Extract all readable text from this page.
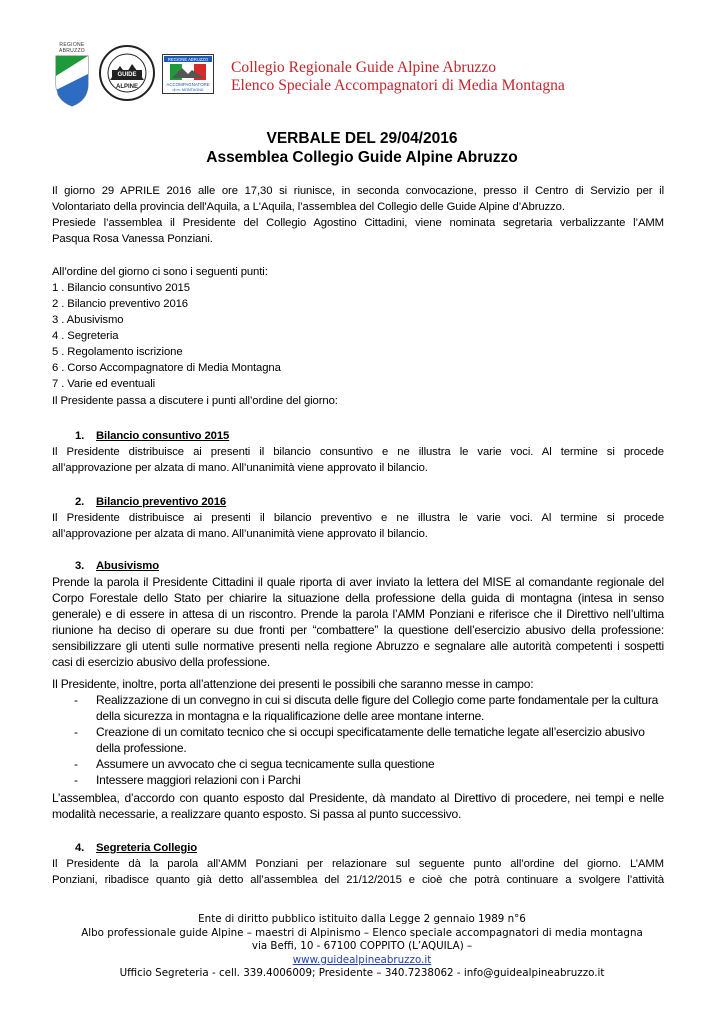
REGIONE ABRUZZO
GUIDE
ALPINE
REGIONE ABRUZZO
ACCOMPAGNATORE
di m. MONTAGNA
Collegio Regionale Guide Alpine Abruzzo
Elenco Speciale Accompagnatori di Media Montagna
VERBALE DEL 29/04/2016
Assemblea Collegio Guide Alpine Abruzzo

Il giorno 29 APRILE 2016 alle ore 17,30 si riunisce, in seconda convocazione, presso il Centro di Servizio per il

Volontariato della provincia dell'Aquila, a L'Aquila, l’assemblea del Collegio delle Guide Alpine d’Abruzzo.

Presiede l’assemblea il Presidente del Collegio Agostino Cittadini, viene nominata segretaria verbalizzante l’AMM

Pasqua Rosa Vanessa Ponziani.

All’ordine del giorno ci sono i seguenti punti:
1 . Bilancio consuntivo 2015
2 . Bilancio preventivo 2016
3 . Abusivismo
4 . Segreteria
5 . Regolamento iscrizione
6 . Corso Accompagnatore di Media Montagna
7 . Varie ed eventuali
Il Presidente passa a discutere i punti all’ordine del giorno:
1. Bilancio consuntivo 2015

Il Presidente distribuisce ai presenti il bilancio consuntivo e ne illustra le varie voci. Al termine si procede

all’approvazione per alzata di mano. All’unanimità viene approvato il bilancio.

2. Bilancio preventivo 2016

Il Presidente distribuisce ai presenti il bilancio preventivo e ne illustra le varie voci. Al termine si procede

all’approvazione per alzata di mano. All’unanimità viene approvato il bilancio.

3. Abusivismo

Prende la parola il Presidente Cittadini il quale riporta di aver inviato la lettera del MISE al comandante regionale del Corpo Forestale dello Stato per chiarire la situazione della professione della guida di montagna (intesa in senso generale) e di essere in attesa di un riscontro. Prende la parola l’AMM Ponziani e riferisce che il Direttivo nell’ultima riunione ha deciso di operare su due fronti per “combattere” la questione dell’esercizio abusivo della professione: sensibilizzare gli utenti sulle normative presenti nella regione Abruzzo e segnalare alle autorità competenti i sospetti casi di esercizio abusivo della professione.

Il Presidente, inoltre, porta all’attenzione dei presenti le possibili che saranno messe in campo:

- Realizzazione di un convegno in cui si discuta delle figure del Collegio come parte fondamentale per la cultura della sicurezza in montagna e la riqualificazione delle aree montane interne.
- Creazione di un comitato tecnico che si occupi specificatamente delle tematiche legate all’esercizio abusivo della professione.
- Assumere un avvocato che ci segua tecnicamente sulla questione
- Intessere maggiori relazioni con i Parchi

L’assemblea, d’accordo con quanto esposto dal Presidente, dà mandato al Direttivo di procedere, nei tempi e nelle modalità necessarie, a realizzare quanto esposto. Si passa al punto successivo.

4. Segreteria Collegio

Il Presidente dà la parola all’AMM Ponziani per relazionare sul seguente punto all’ordine del giorno. L’AMM

Ponziani, ribadisce quanto già detto all’assemblea del 21/12/2015 e cioè che potrà continuare a svolgere l’attività

Ente di diritto pubblico istituito dalla Legge 2 gennaio 1989 n°6
Albo professionale guide Alpine – maestri di Alpinismo – Elenco speciale accompagnatori di media montagna
via Beffi, 10 - 67100 COPPITO (L’AQUILA) –
www.guidealpineabruzzo.it
Ufficio Segreteria - cell. 339.4006009; Presidente – 340.7238062 - info@guidealpineabruzzo.it
